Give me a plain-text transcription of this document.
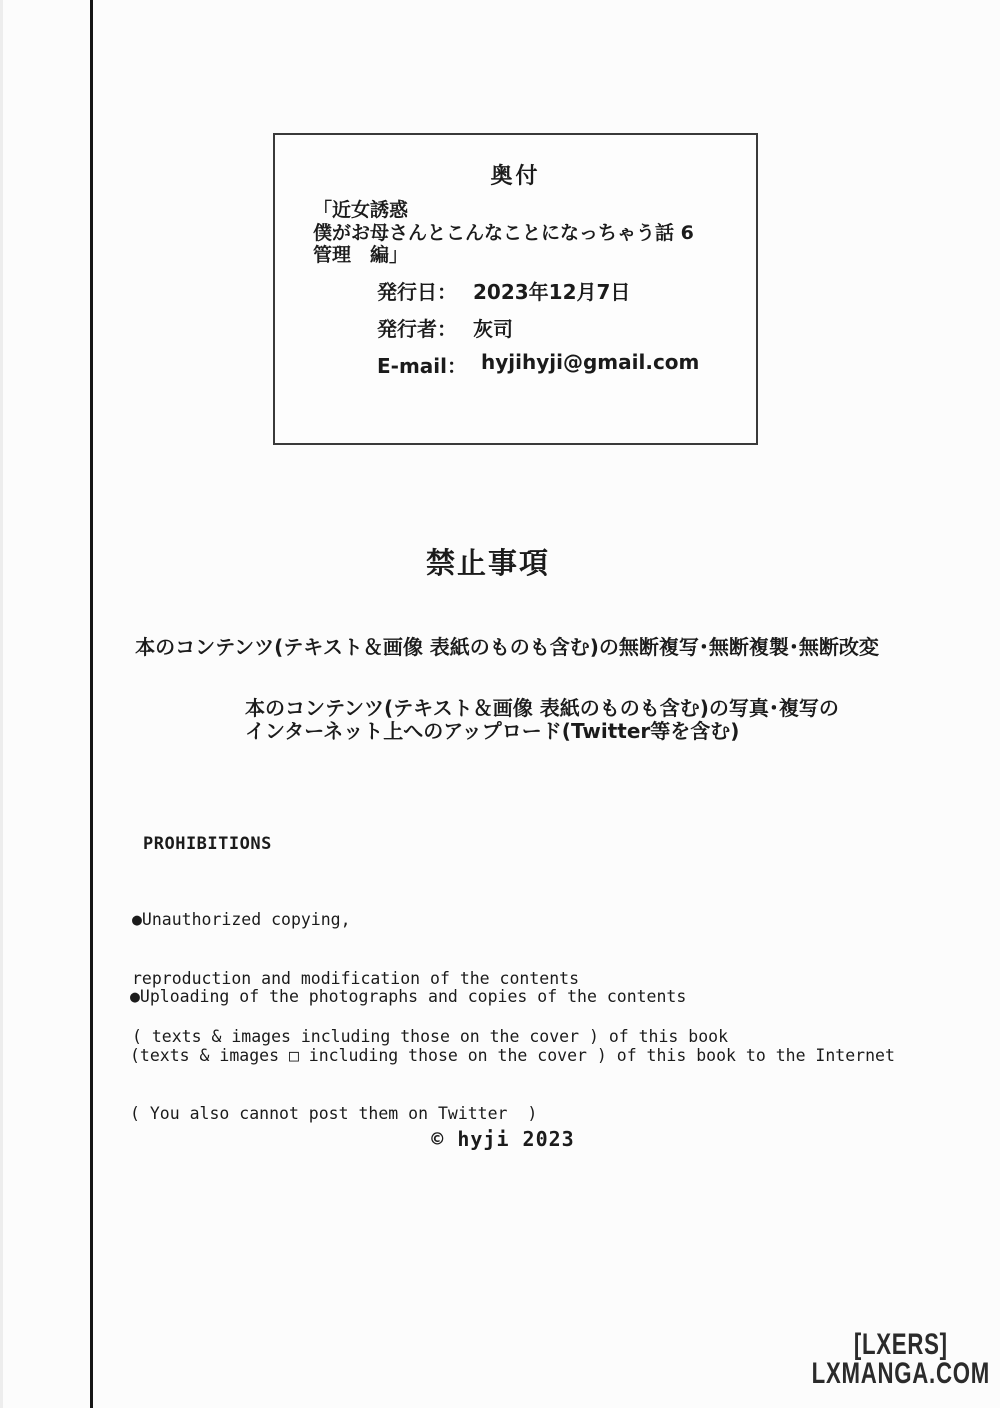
奥付
「近女誘惑
僕がお母さんとこんなことになっちゃう話 6
管理　編」
発行日： 2023年12月7日
発行者： 灰司
E-mail： hyjihyji@gmail.com
禁止事項
本のコンテンツ(テキスト＆画像 表紙のものも含む)の無断複写･無断複製･無断改変
本のコンテンツ(テキスト＆画像 表紙のものも含む)の写真･複写の
インターネット上へのアップロード(Twitter等を含む)
PROHIBITIONS

●Unauthorized copying,

reproduction and modification of the contents

( texts & images including those on the cover ) of this book

●Uploading of the photographs and copies of the contents

(texts & images □ including those on the cover ) of this book to the Internet

( You also cannot post them on Twitter  )

© hyji 2023
[LXERS]
LXMANGA.COM
